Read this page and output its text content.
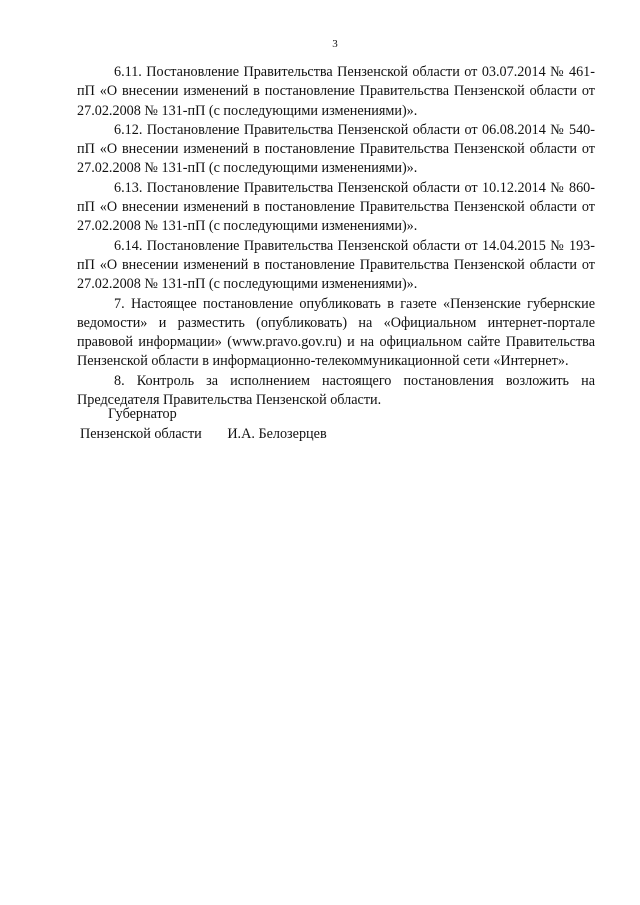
3

6.11. Постановление Правительства Пензенской области от 03.07.2014 № 461-пП «О внесении изменений в постановление Правительства Пензенской области от 27.02.2008 № 131-пП (с последующими изменениями)».

6.12. Постановление Правительства Пензенской области от 06.08.2014 № 540-пП «О внесении изменений в постановление Правительства Пензенской области от 27.02.2008 № 131-пП (с последующими изменениями)».

6.13. Постановление Правительства Пензенской области от 10.12.2014 № 860-пП «О внесении изменений в постановление Правительства Пензенской области от 27.02.2008 № 131-пП (с последующими изменениями)».

6.14. Постановление Правительства Пензенской области от 14.04.2015 № 193-пП «О внесении изменений в постановление Правительства Пензенской области от 27.02.2008 № 131-пП (с последующими изменениями)».

7. Настоящее постановление опубликовать в газете «Пензенские губернские ведомости» и разместить (опубликовать) на «Официальном интернет-портале правовой информации» (www.pravo.gov.ru) и на официальном сайте Правительства Пензенской области в информационно-телекоммуникационной сети «Интернет».

8. Контроль за исполнением настоящего постановления возложить на Председателя Правительства Пензенской области.

Губернатор
Пензенской области И.А. Белозерцев
